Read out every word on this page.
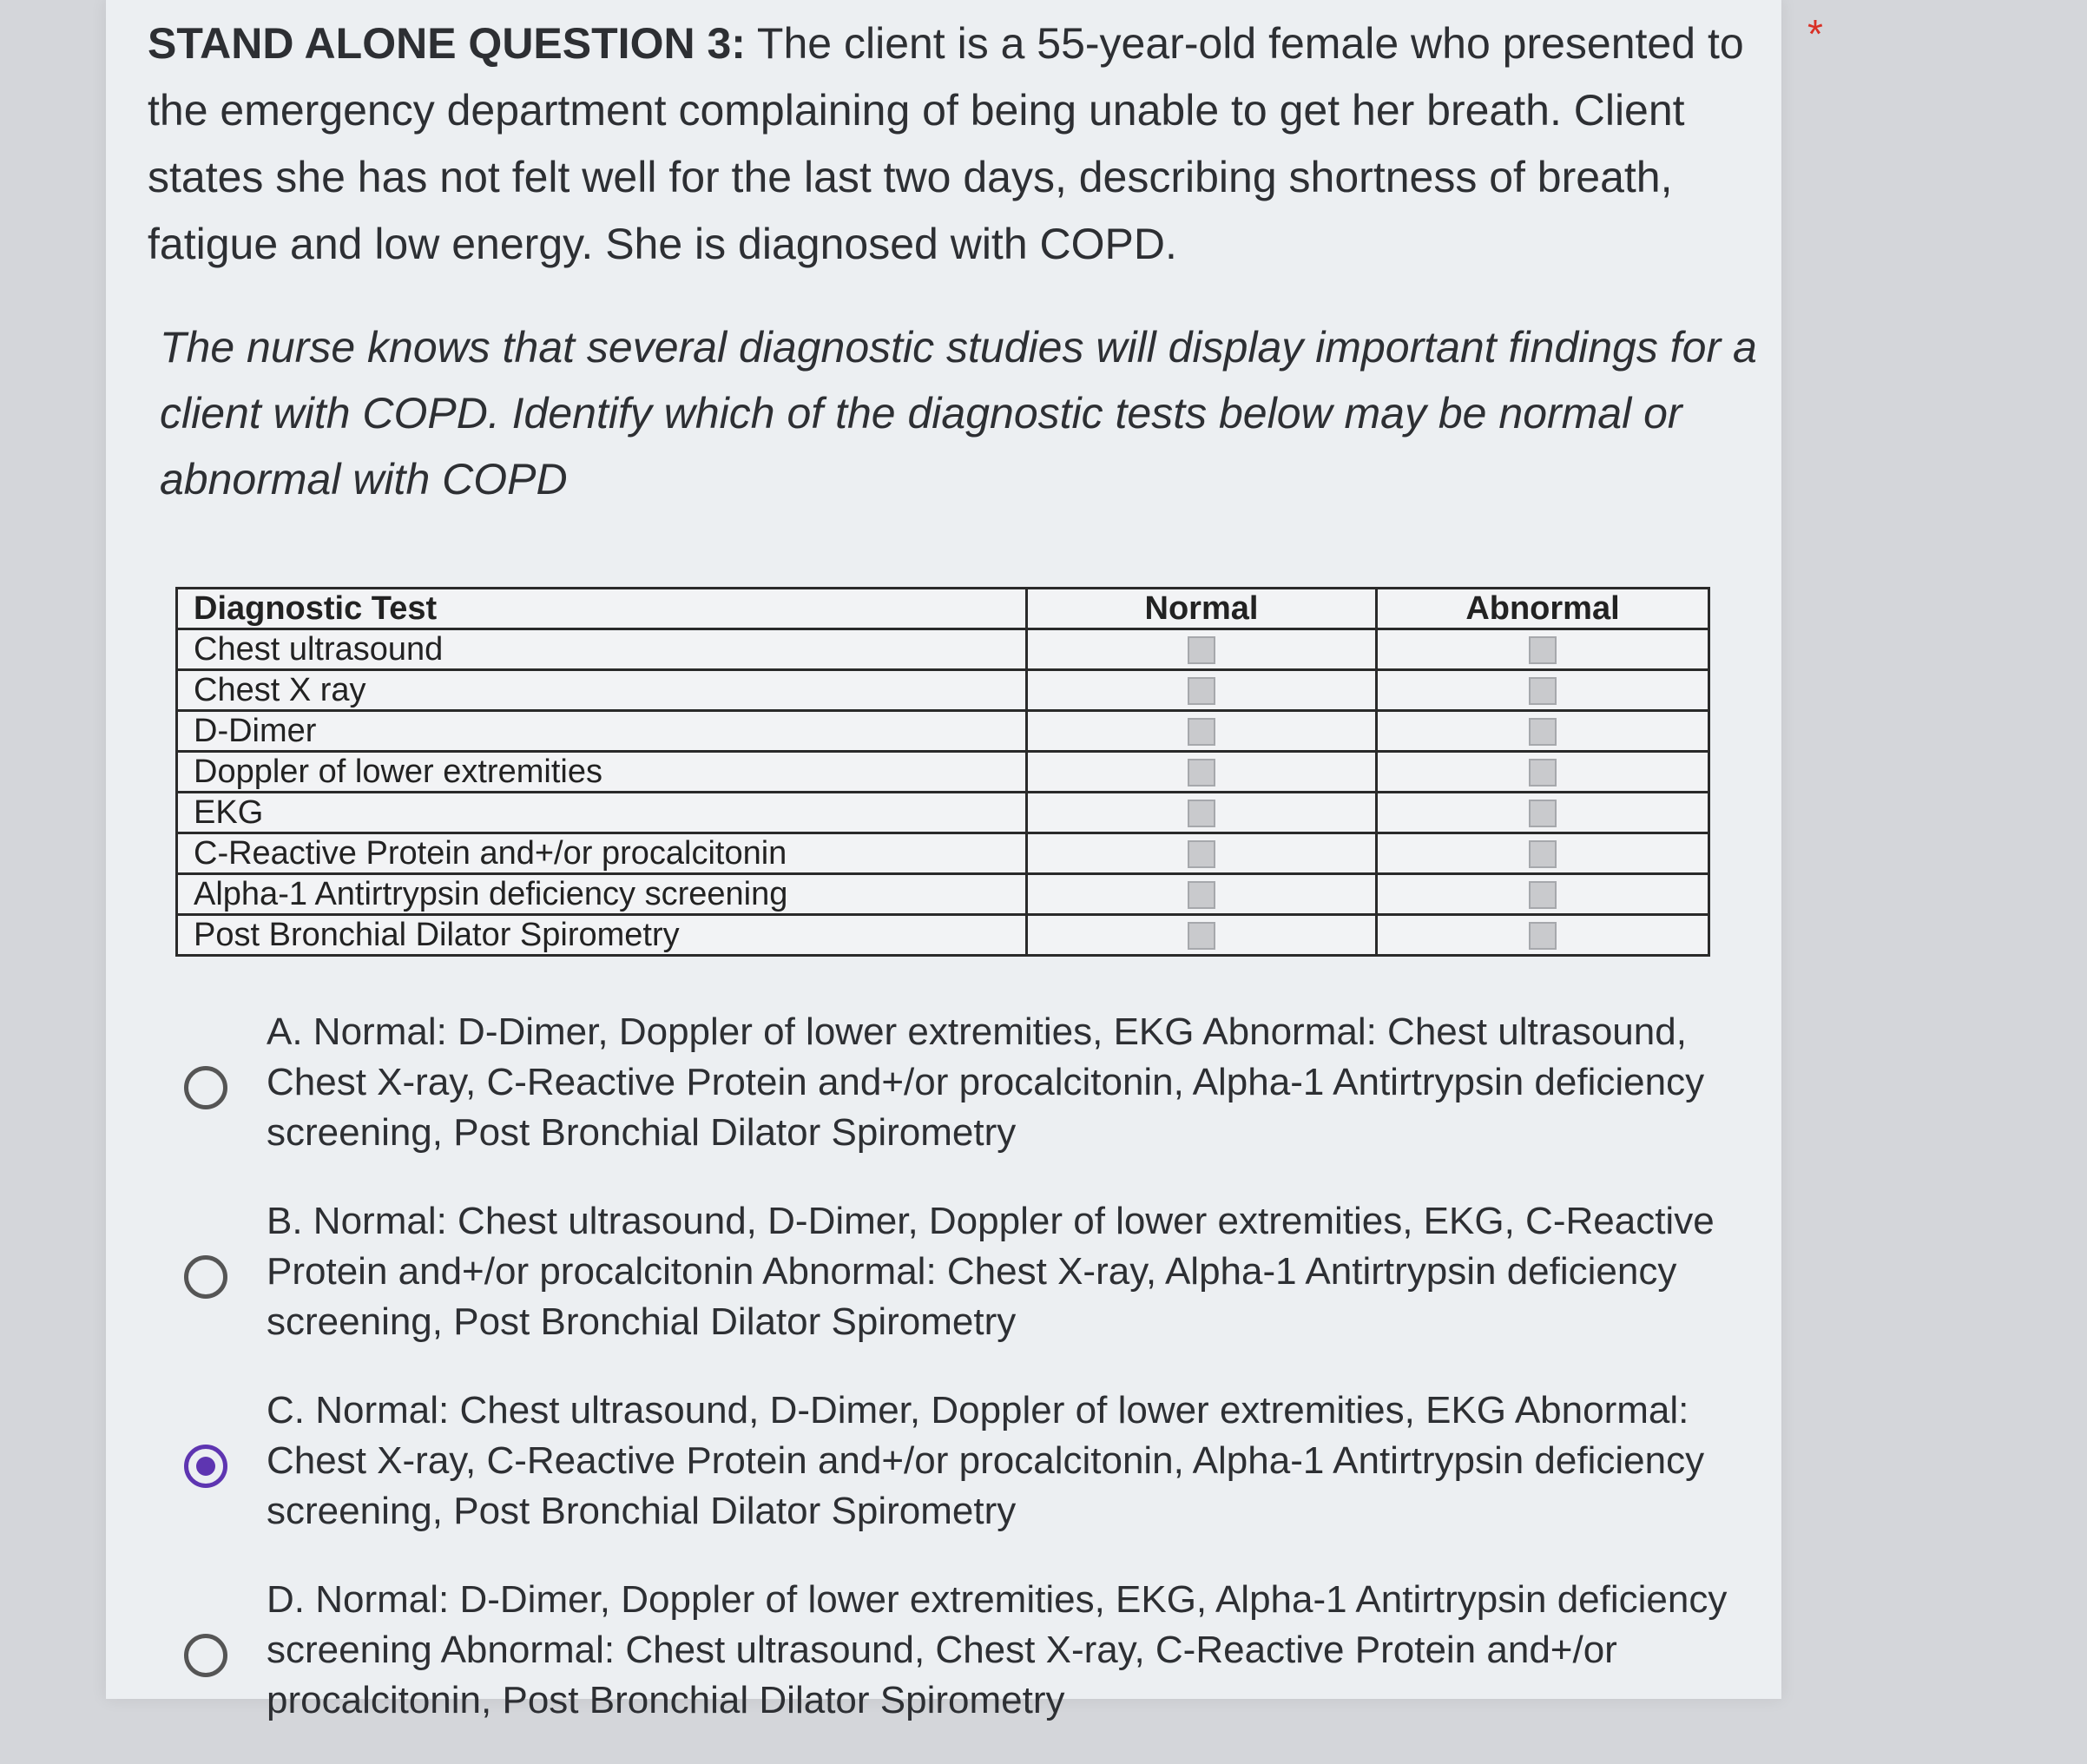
STAND ALONE QUESTION 3: The client is a 55-year-old female who presented to the emergency department complaining of being unable to get her breath. Client states she has not felt well for the last two days, describing shortness of breath, fatigue and low energy. She is diagnosed with COPD.
*
The nurse knows that several diagnostic studies will display important findings for a client with COPD. Identify which of the diagnostic tests below may be normal or abnormal with COPD
Diagnostic Test	Normal	Abnormal
Chest ultrasound		
Chest X ray		
D-Dimer		
Doppler of lower extremities		
EKG		
C-Reactive Protein and+/or procalcitonin		
Alpha-1 Antirtrypsin deficiency screening		
Post Bronchial Dilator Spirometry		
A. Normal: D-Dimer, Doppler of lower extremities, EKG Abnormal: Chest ultrasound, Chest X-ray, C-Reactive Protein and+/or procalcitonin, Alpha-1 Antirtrypsin deficiency screening, Post Bronchial Dilator Spirometry
B. Normal: Chest ultrasound, D-Dimer, Doppler of lower extremities, EKG, C-Reactive Protein and+/or procalcitonin Abnormal: Chest X-ray, Alpha-1 Antirtrypsin deficiency screening, Post Bronchial Dilator Spirometry
C. Normal: Chest ultrasound, D-Dimer, Doppler of lower extremities, EKG Abnormal: Chest X-ray, C-Reactive Protein and+/or procalcitonin, Alpha-1 Antirtrypsin deficiency screening, Post Bronchial Dilator Spirometry
D. Normal: D-Dimer, Doppler of lower extremities, EKG, Alpha-1 Antirtrypsin deficiency screening Abnormal: Chest ultrasound, Chest X-ray, C-Reactive Protein and+/or procalcitonin, Post Bronchial Dilator Spirometry
